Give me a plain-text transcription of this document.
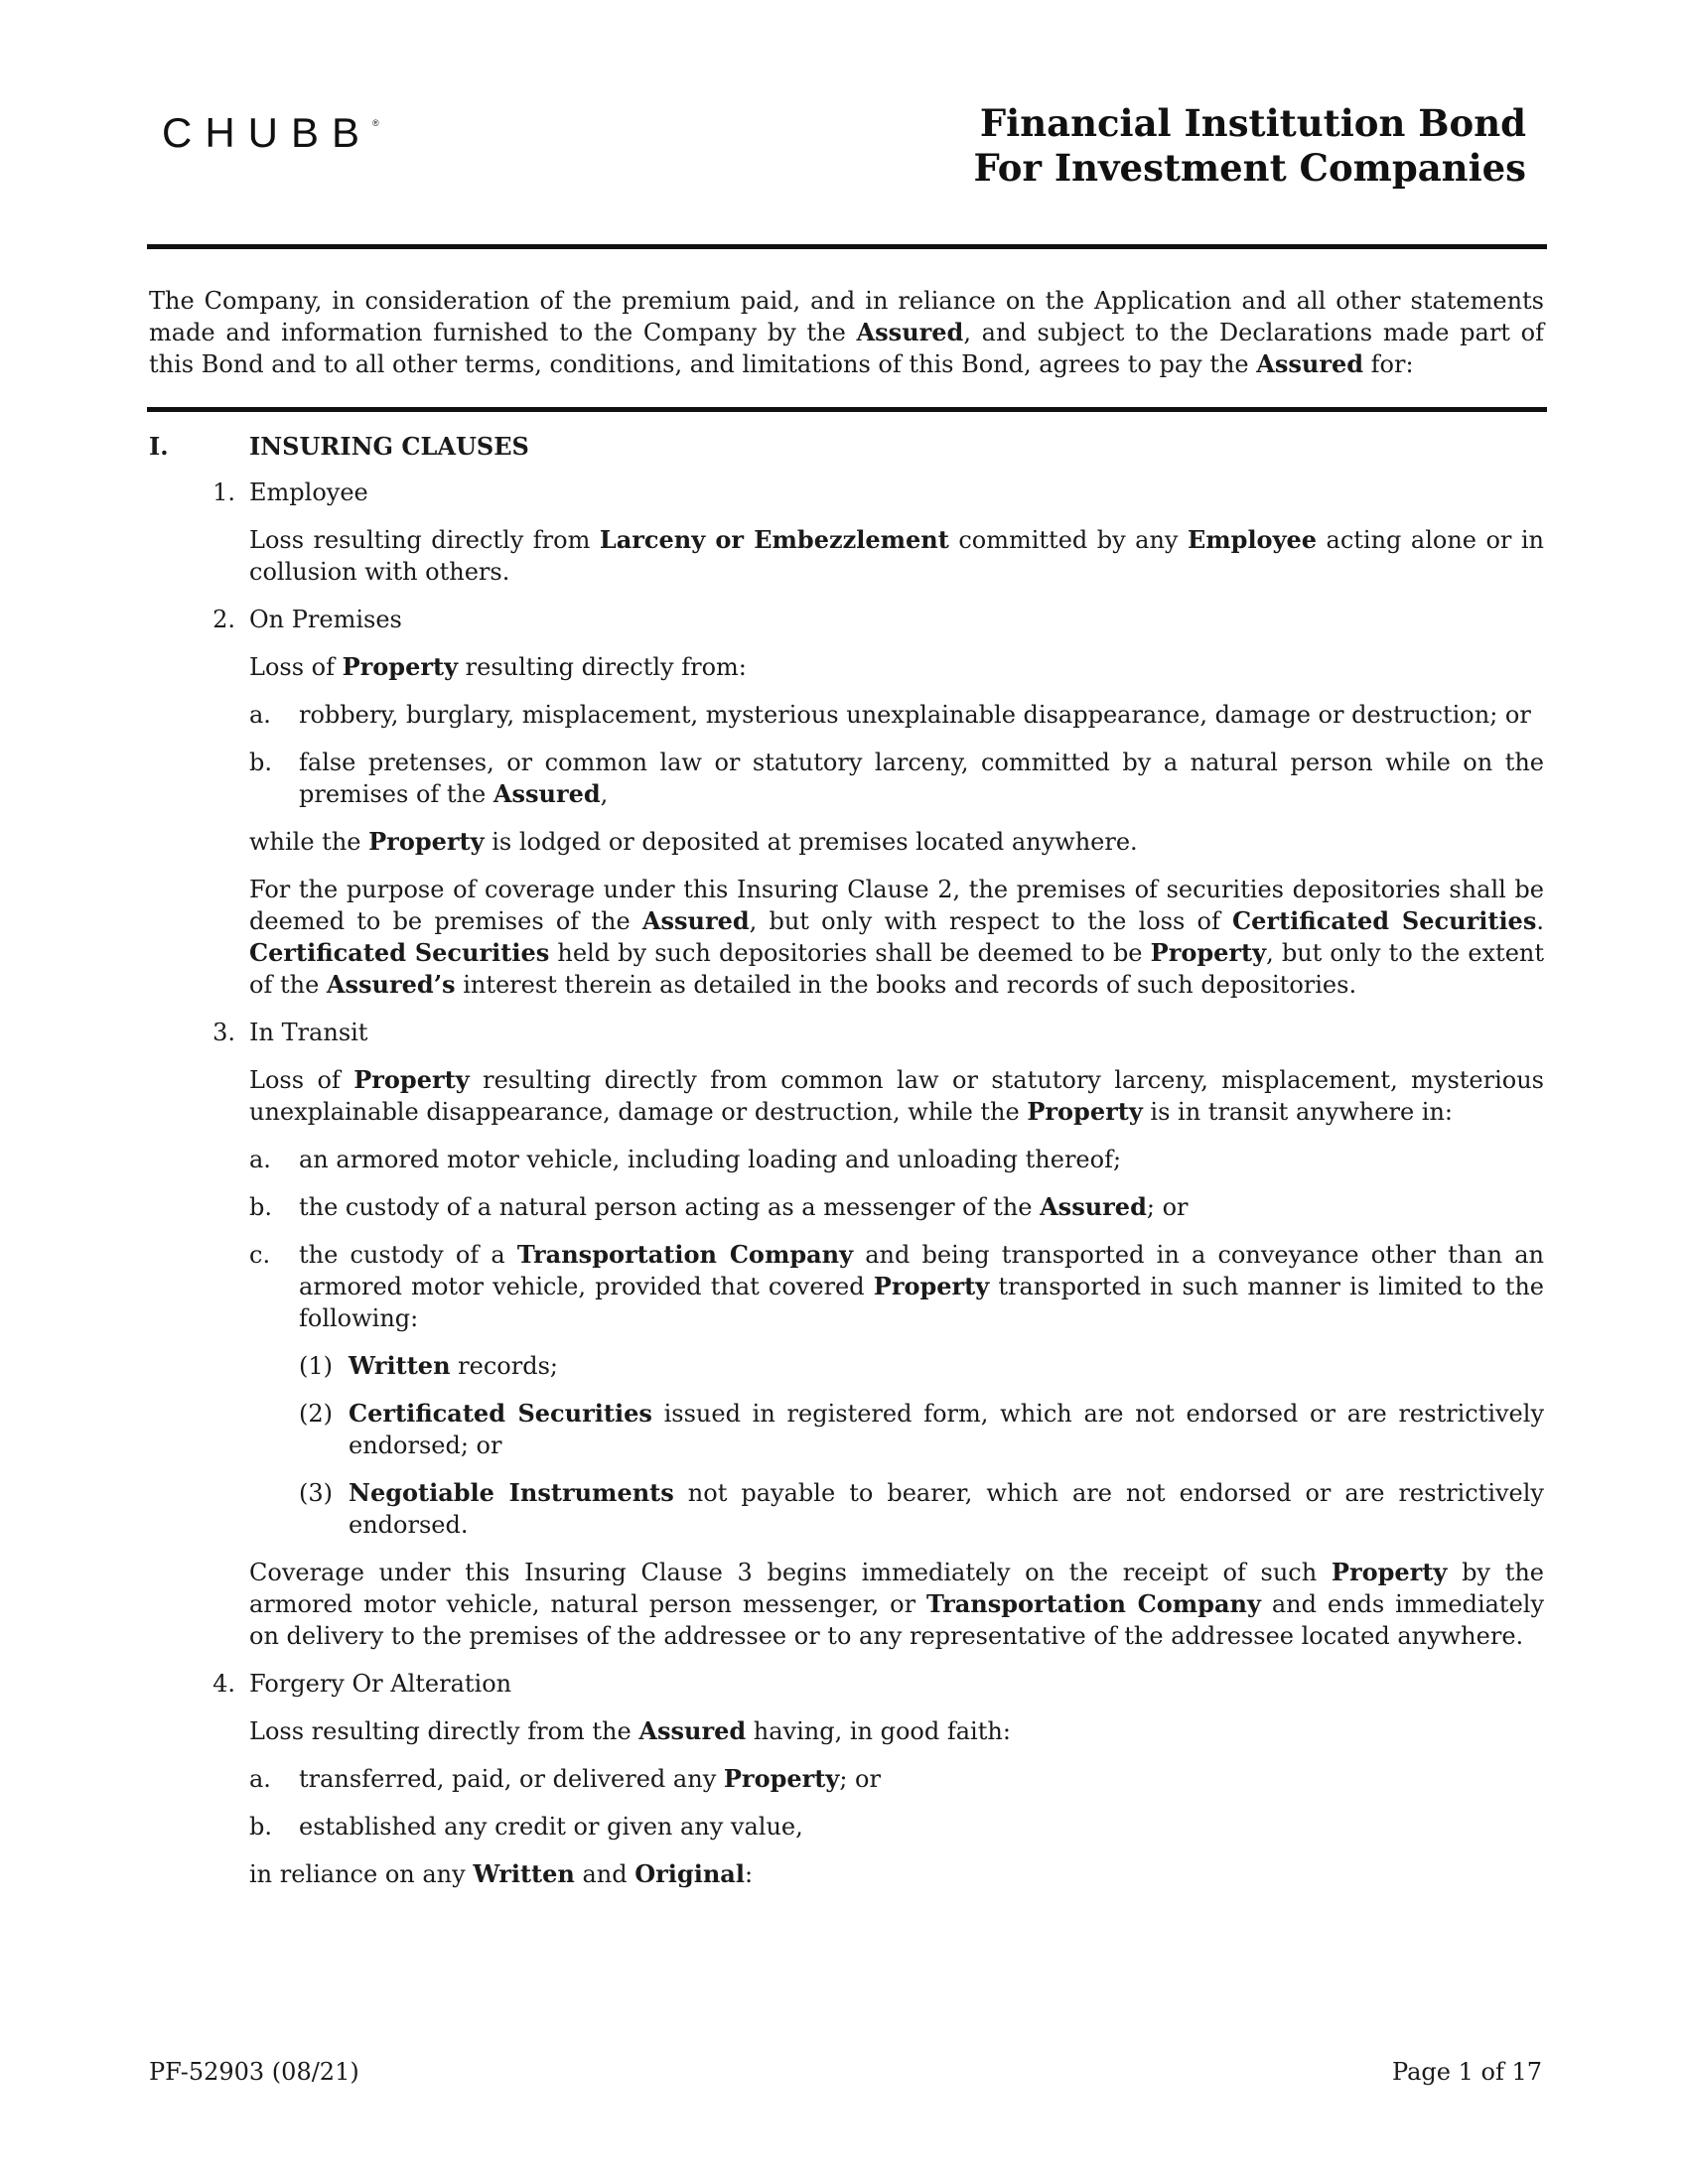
CHUBB®	Financial Institution Bond
For Investment Companies
The Company, in consideration of the premium paid, and in reliance on the Application and all other statements made and information furnished to the Company by the Assured, and subject to the Declarations made part of this Bond and to all other terms, conditions, and limitations of this Bond, agrees to pay the Assured for:
I.	INSURING CLAUSES
1. Employee
Loss resulting directly from Larceny or Embezzlement committed by any Employee acting alone or in collusion with others.
2. On Premises
Loss of Property resulting directly from:
a. robbery, burglary, misplacement, mysterious unexplainable disappearance, damage or destruction; or
b. false pretenses, or common law or statutory larceny, committed by a natural person while on the premises of the Assured,
while the Property is lodged or deposited at premises located anywhere.
For the purpose of coverage under this Insuring Clause 2, the premises of securities depositories shall be deemed to be premises of the Assured, but only with respect to the loss of Certificated Securities. Certificated Securities held by such depositories shall be deemed to be Property, but only to the extent of the Assured’s interest therein as detailed in the books and records of such depositories.
3. In Transit
Loss of Property resulting directly from common law or statutory larceny, misplacement, mysterious unexplainable disappearance, damage or destruction, while the Property is in transit anywhere in:
a. an armored motor vehicle, including loading and unloading thereof;
b. the custody of a natural person acting as a messenger of the Assured; or
c. the custody of a Transportation Company and being transported in a conveyance other than an armored motor vehicle, provided that covered Property transported in such manner is limited to the following:
(1) Written records;
(2) Certificated Securities issued in registered form, which are not endorsed or are restrictively endorsed; or
(3) Negotiable Instruments not payable to bearer, which are not endorsed or are restrictively endorsed.
Coverage under this Insuring Clause 3 begins immediately on the receipt of such Property by the armored motor vehicle, natural person messenger, or Transportation Company and ends immediately on delivery to the premises of the addressee or to any representative of the addressee located anywhere.
4. Forgery Or Alteration
Loss resulting directly from the Assured having, in good faith:
a. transferred, paid, or delivered any Property; or
b. established any credit or given any value,
in reliance on any Written and Original:
PF-52903 (08/21)	Page 1 of 17
